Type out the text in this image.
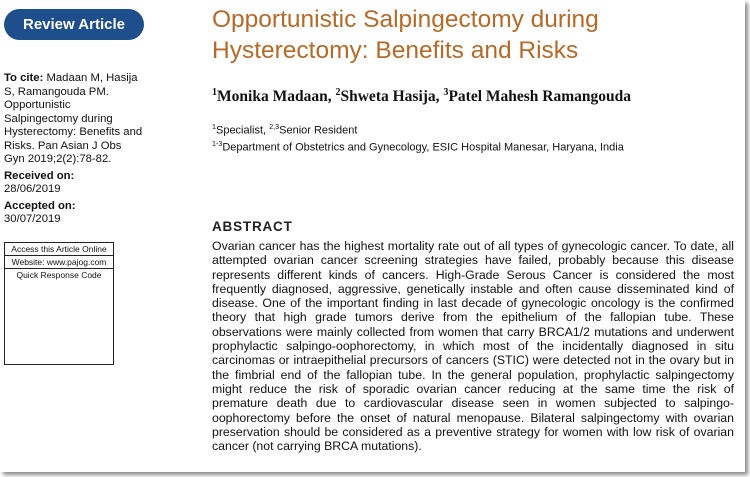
Review Article
To cite: Madaan M, Hasija S, Ramangouda PM. Opportunistic Salpingectomy during Hysterectomy: Benefits and Risks. Pan Asian J Obs Gyn 2019;2(2):78-82.
Received on:
28/06/2019
Accepted on:
30/07/2019
Access this Article Online
Website: www.pajog.com
Quick Response Code
Opportunistic Salpingectomy during Hysterectomy: Benefits and Risks
$^1$Monika Madaan, $^2$Shweta Hasija, $^3$Patel Mahesh Ramangouda
$^1$Specialist, $^{2,3}$Senior Resident
$^{1-3}$Department of Obstetrics and Gynecology, ESIC Hospital Manesar, Haryana, India
ABSTRACT

Ovarian cancer has the highest mortality rate out of all types of gynecologic cancer. To date, all attempted ovarian cancer screening strategies have failed, probably because this disease represents different kinds of cancers. High-Grade Serous Cancer is considered the most frequently diagnosed, aggressive, genetically instable and often cause disseminated kind of disease. One of the important finding in last decade of gynecologic oncology is the confirmed theory that high grade tumors derive from the epithelium of the fallopian tube. These observations were mainly collected from women that carry BRCA1/2 mutations and underwent prophylactic salpingo-oophorectomy, in which most of the incidentally diagnosed in situ carcinomas or intraepithelial precursors of cancers (STIC) were detected not in the ovary but in the fimbrial end of the fallopian tube. In the general population, prophylactic salpingectomy might reduce the risk of sporadic ovarian cancer reducing at the same time the risk of premature death due to cardiovascular disease seen in women subjected to salpingo-oophorectomy before the onset of natural menopause. Bilateral salpingectomy with ovarian preservation should be considered as a preventive strategy for women with low risk of ovarian cancer (not carrying BRCA mutations).
